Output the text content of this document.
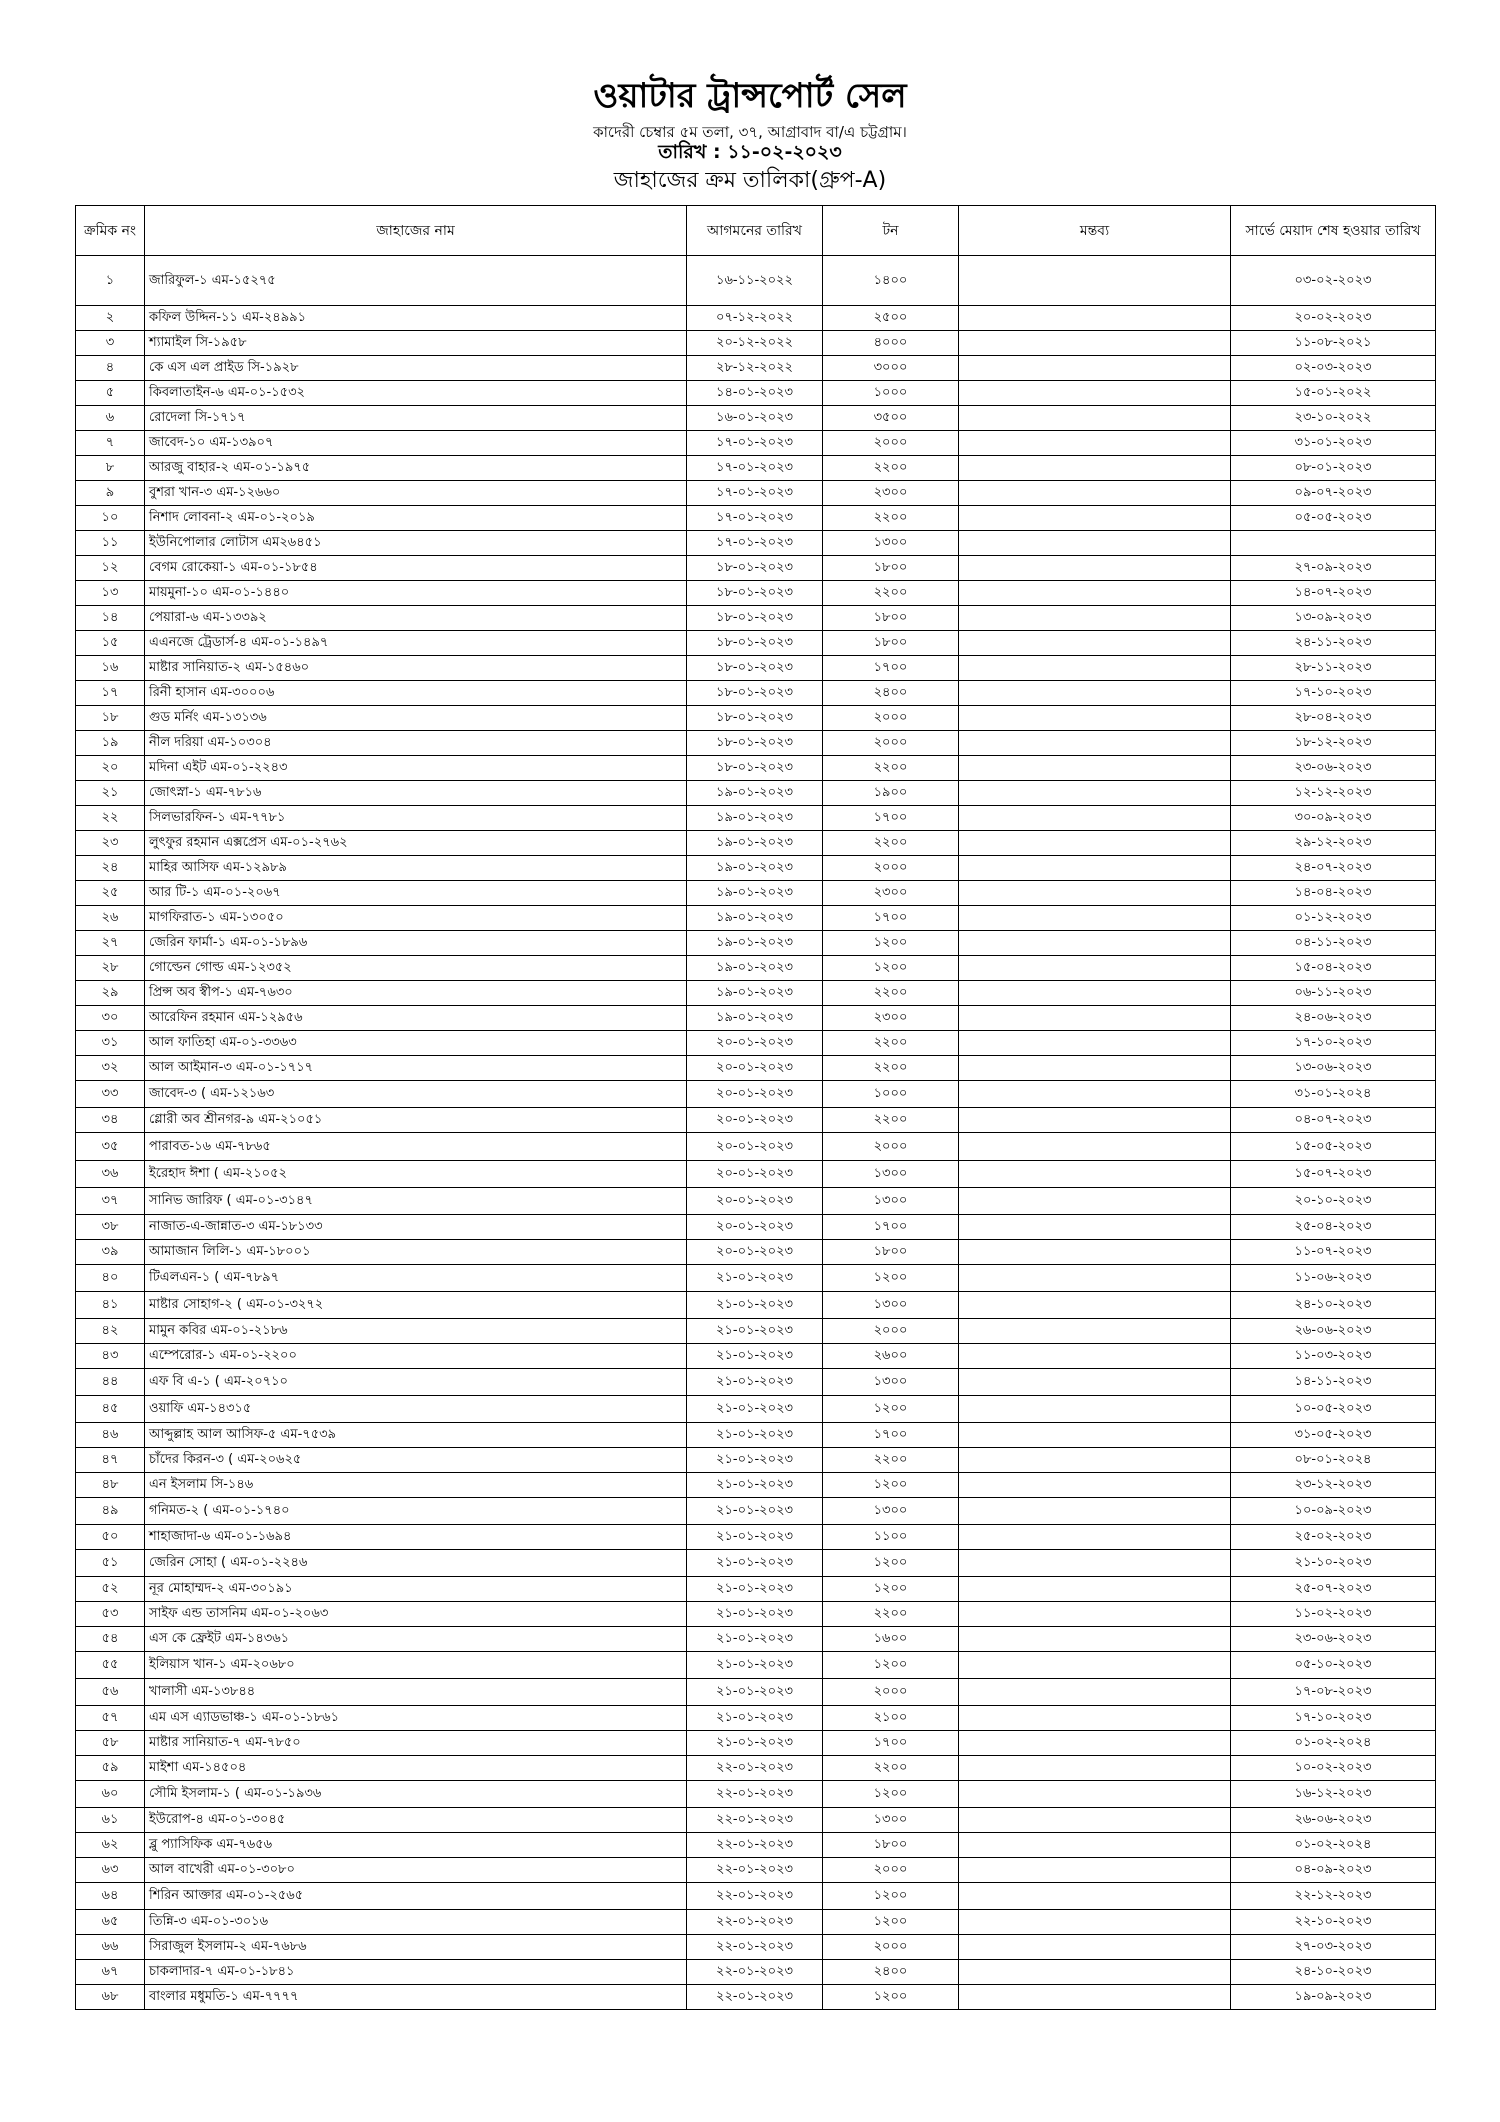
ওয়াটার ট্রান্সপোর্ট সেল
কাদেরী চেম্বার ৫ম তলা, ৩৭, আগ্রাবাদ বা/এ চট্টগ্রাম।
তারিখ : ১১-০২-২০২৩
জাহাজের ক্রম তালিকা(গ্রুপ-A)
ক্রমিক নং	জাহাজের নাম	আগমনের তারিখ	টন	মন্তব্য	সার্ভে মেয়াদ শেষ হওয়ার তারিখ
১	জারিফুল-১ এম-১৫২৭৫	১৬-১১-২০২২	১৪০০		০৩-০২-২০২৩
২	কফিল উদ্দিন-১১ এম-২৪৯৯১	০৭-১২-২০২২	২৫০০		২০-০২-২০২৩
৩	শ্যামাইল সি-১৯৫৮	২০-১২-২০২২	৪০০০		১১-০৮-২০২১
৪	কে এস এল প্রাইড সি-১৯২৮	২৮-১২-২০২২	৩০০০		০২-০৩-২০২৩
৫	কিবলাতাইন-৬ এম-০১-১৫৩২	১৪-০১-২০২৩	১০০০		১৫-০১-২০২২
৬	রোদেলা সি-১৭১৭	১৬-০১-২০২৩	৩৫০০		২৩-১০-২০২২
৭	জাবেদ-১০ এম-১৩৯০৭	১৭-০১-২০২৩	২০০০		৩১-০১-২০২৩
৮	আরজু বাহার-২ এম-০১-১৯৭৫	১৭-০১-২০২৩	২২০০		০৮-০১-২০২৩
৯	বুশরা খান-৩ এম-১২৬৬০	১৭-০১-২০২৩	২৩০০		০৯-০৭-২০২৩
১০	নিশাদ লোবনা-২ এম-০১-২০১৯	১৭-০১-২০২৩	২২০০		০৫-০৫-২০২৩
১১	ইউনিপোলার লোটাস এম২৬৪৫১	১৭-০১-২০২৩	১৩০০		
১২	বেগম রোকেয়া-১ এম-০১-১৮৫৪	১৮-০১-২০২৩	১৮০০		২৭-০৯-২০২৩
১৩	মায়মুনা-১০ এম-০১-১৪৪০	১৮-০১-২০২৩	২২০০		১৪-০৭-২০২৩
১৪	পেয়ারা-৬ এম-১৩৩৯২	১৮-০১-২০২৩	১৮০০		১৩-০৯-২০২৩
১৫	এএনজে ট্রেডার্স-৪ এম-০১-১৪৯৭	১৮-০১-২০২৩	১৮০০		২৪-১১-২০২৩
১৬	মাষ্টার সানিয়াত-২ এম-১৫৪৬০	১৮-০১-২০২৩	১৭০০		২৮-১১-২০২৩
১৭	রিনী হাসান এম-৩০০০৬	১৮-০১-২০২৩	২৪০০		১৭-১০-২০২৩
১৮	গুড মর্নিং এম-১৩১৩৬	১৮-০১-২০২৩	২০০০		২৮-০৪-২০২৩
১৯	নীল দরিয়া এম-১০৩০৪	১৮-০১-২০২৩	২০০০		১৮-১২-২০২৩
২০	মদিনা এইট এম-০১-২২৪৩	১৮-০১-২০২৩	২২০০		২৩-০৬-২০২৩
২১	জোৎস্না-১ এম-৭৮১৬	১৯-০১-২০২৩	১৯০০		১২-১২-২০২৩
২২	সিলভারফিন-১ এম-৭৭৮১	১৯-০১-২০২৩	১৭০০		৩০-০৯-২০২৩
২৩	লুৎফুর রহমান এক্সপ্রেস এম-০১-২৭৬২	১৯-০১-২০২৩	২২০০		২৯-১২-২০২৩
২৪	মাহির আসিফ এম-১২৯৮৯	১৯-০১-২০২৩	২০০০		২৪-০৭-২০২৩
২৫	আর টি-১ এম-০১-২০৬৭	১৯-০১-২০২৩	২৩০০		১৪-০৪-২০২৩
২৬	মাগফিরাত-১ এম-১৩০৫০	১৯-০১-২০২৩	১৭০০		০১-১২-২০২৩
২৭	জেরিন ফার্মা-১ এম-০১-১৮৯৬	১৯-০১-২০২৩	১২০০		০৪-১১-২০২৩
২৮	গোল্ডেন গোল্ড এম-১২৩৫২	১৯-০১-২০২৩	১২০০		১৫-০৪-২০২৩
২৯	প্রিন্স অব স্বীপ-১ এম-৭৬৩০	১৯-০১-২০২৩	২২০০		০৬-১১-২০২৩
৩০	আরেফিন রহমান এম-১২৯৫৬	১৯-০১-২০২৩	২৩০০		২৪-০৬-২০২৩
৩১	আল ফাতিহা এম-০১-৩৩৬৩	২০-০১-২০২৩	২২০০		১৭-১০-২০২৩
৩২	আল আইমান-৩ এম-০১-১৭১৭	২০-০১-২০২৩	২২০০		১৩-০৬-২০২৩
৩৩	জাবেদ-৩ ( এম-১২১৬৩	২০-০১-২০২৩	১০০০		৩১-০১-২০২৪
৩৪	গ্লোরী অব শ্রীনগর-৯ এম-২১০৫১	২০-০১-২০২৩	২২০০		০৪-০৭-২০২৩
৩৫	পারাবত-১৬ এম-৭৮৬৫	২০-০১-২০২৩	২০০০		১৫-০৫-২০২৩
৩৬	ইরেহাদ ঈশা ( এম-২১০৫২	২০-০১-২০২৩	১৩০০		১৫-০৭-২০২৩
৩৭	সানিভ জারিফ ( এম-০১-৩১৪৭	২০-০১-২০২৩	১৩০০		২০-১০-২০২৩
৩৮	নাজাত-এ-জান্নাত-৩ এম-১৮১৩৩	২০-০১-২০২৩	১৭০০		২৫-০৪-২০২৩
৩৯	আমাজান লিলি-১ এম-১৮০০১	২০-০১-২০২৩	১৮০০		১১-০৭-২০২৩
৪০	টিএলএন-১ ( এম-৭৮৯৭	২১-০১-২০২৩	১২০০		১১-০৬-২০২৩
৪১	মাষ্টার সোহাগ-২ ( এম-০১-৩২৭২	২১-০১-২০২৩	১৩০০		২৪-১০-২০২৩
৪২	মামুন কবির এম-০১-২১৮৬	২১-০১-২০২৩	২০০০		২৬-০৬-২০২৩
৪৩	এম্পেরোর-১ এম-০১-২২০০	২১-০১-২০২৩	২৬০০		১১-০৩-২০২৩
৪৪	এফ বি এ-১ ( এম-২০৭১০	২১-০১-২০২৩	১৩০০		১৪-১১-২০২৩
৪৫	ওয়াফি এম-১৪৩১৫	২১-০১-২০২৩	১২০০		১০-০৫-২০২৩
৪৬	আব্দুল্লাহ আল আসিফ-৫ এম-৭৫৩৯	২১-০১-২০২৩	১৭০০		৩১-০৫-২০২৩
৪৭	চাঁদের কিরন-৩ ( এম-২০৬২৫	২১-০১-২০২৩	২২০০		০৮-০১-২০২৪
৪৮	এন ইসলাম সি-১৪৬	২১-০১-২০২৩	১২০০		২৩-১২-২০২৩
৪৯	গনিমত-২ ( এম-০১-১৭৪০	২১-০১-২০২৩	১৩০০		১০-০৯-২০২৩
৫০	শাহাজাদা-৬ এম-০১-১৬৯৪	২১-০১-২০২৩	১১০০		২৫-০২-২০২৩
৫১	জেরিন সোহা ( এম-০১-২২৪৬	২১-০১-২০২৩	১২০০		২১-১০-২০২৩
৫২	নূর মোহাম্মদ-২ এম-৩০১৯১	২১-০১-২০২৩	১২০০		২৫-০৭-২০২৩
৫৩	সাইফ এন্ড তাসনিম এম-০১-২০৬৩	২১-০১-২০২৩	২২০০		১১-০২-২০২৩
৫৪	এস কে ফ্রেইট এম-১৪৩৬১	২১-০১-২০২৩	১৬০০		২৩-০৬-২০২৩
৫৫	ইলিয়াস খান-১ এম-২০৬৮০	২১-০১-২০২৩	১২০০		০৫-১০-২০২৩
৫৬	খালাসী এম-১৩৮৪৪	২১-০১-২০২৩	২০০০		১৭-০৮-২০২৩
৫৭	এম এস এ্যাডভাঞ্চ-১ এম-০১-১৮৬১	২১-০১-২০২৩	২১০০		১৭-১০-২০২৩
৫৮	মাষ্টার সানিয়াত-৭ এম-৭৮৫০	২১-০১-২০২৩	১৭০০		০১-০২-২০২৪
৫৯	মাইশা এম-১৪৫০৪	২২-০১-২০২৩	২২০০		১০-০২-২০২৩
৬০	সৌমি ইসলাম-১ ( এম-০১-১৯৩৬	২২-০১-২০২৩	১২০০		১৬-১২-২০২৩
৬১	ইউরোপ-৪ এম-০১-৩০৪৫	২২-০১-২০২৩	১৩০০		২৬-০৬-২০২৩
৬২	ব্লু প্যাসিফিক এম-৭৬৫৬	২২-০১-২০২৩	১৮০০		০১-০২-২০২৪
৬৩	আল বাখেরী এম-০১-৩০৮০	২২-০১-২০২৩	২০০০		০৪-০৯-২০২৩
৬৪	শিরিন আক্তার এম-০১-২৫৬৫	২২-০১-২০২৩	১২০০		২২-১২-২০২৩
৬৫	তিন্নি-৩ এম-০১-৩০১৬	২২-০১-২০২৩	১২০০		২২-১০-২০২৩
৬৬	সিরাজুল ইসলাম-২ এম-৭৬৮৬	২২-০১-২০২৩	২০০০		২৭-০৩-২০২৩
৬৭	চাকলাদার-৭ এম-০১-১৮৪১	২২-০১-২০২৩	২৪০০		২৪-১০-২০২৩
৬৮	বাংলার মধুমতি-১ এম-৭৭৭৭	২২-০১-২০২৩	১২০০		১৯-০৯-২০২৩
